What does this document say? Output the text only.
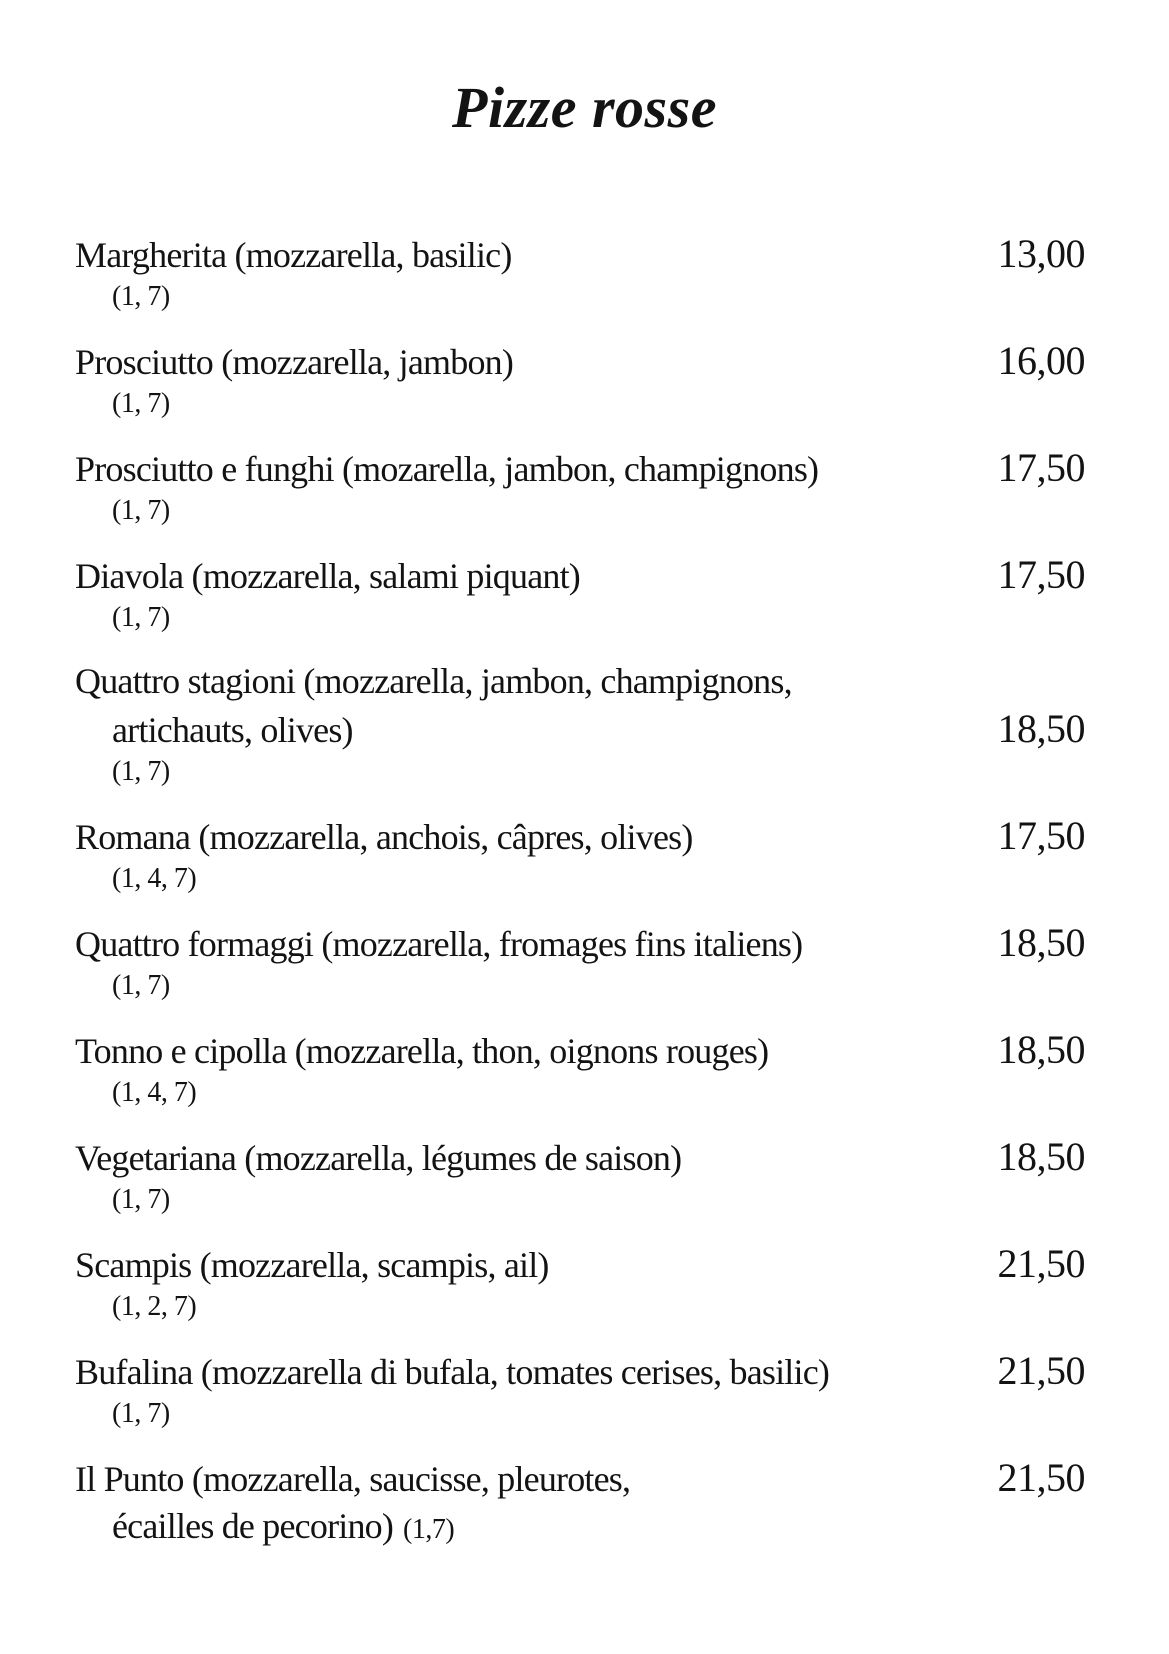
Pizze rosse
Margherita (mozzarella, basilic)	13,00
(1, 7)
Prosciutto (mozzarella, jambon)	16,00
(1, 7)
Prosciutto e funghi (mozarella, jambon, champignons)	17,50
(1, 7)
Diavola (mozzarella, salami piquant)	17,50
(1, 7)
Quattro stagioni (mozzarella, jambon, champignons,
artichauts, olives)	18,50
(1, 7)
Romana (mozzarella, anchois, câpres, olives)	17,50
(1, 4, 7)
Quattro formaggi (mozzarella, fromages fins italiens)	18,50
(1, 7)
Tonno e cipolla (mozzarella, thon, oignons rouges)	18,50
(1, 4, 7)
Vegetariana (mozzarella, légumes de saison)	18,50
(1, 7)
Scampis (mozzarella, scampis, ail)	21,50
(1, 2, 7)
Bufalina (mozzarella di bufala, tomates cerises, basilic)	21,50
(1, 7)
Il Punto (mozzarella, saucisse, pleurotes,	21,50
écailles de pecorino) (1,7)
